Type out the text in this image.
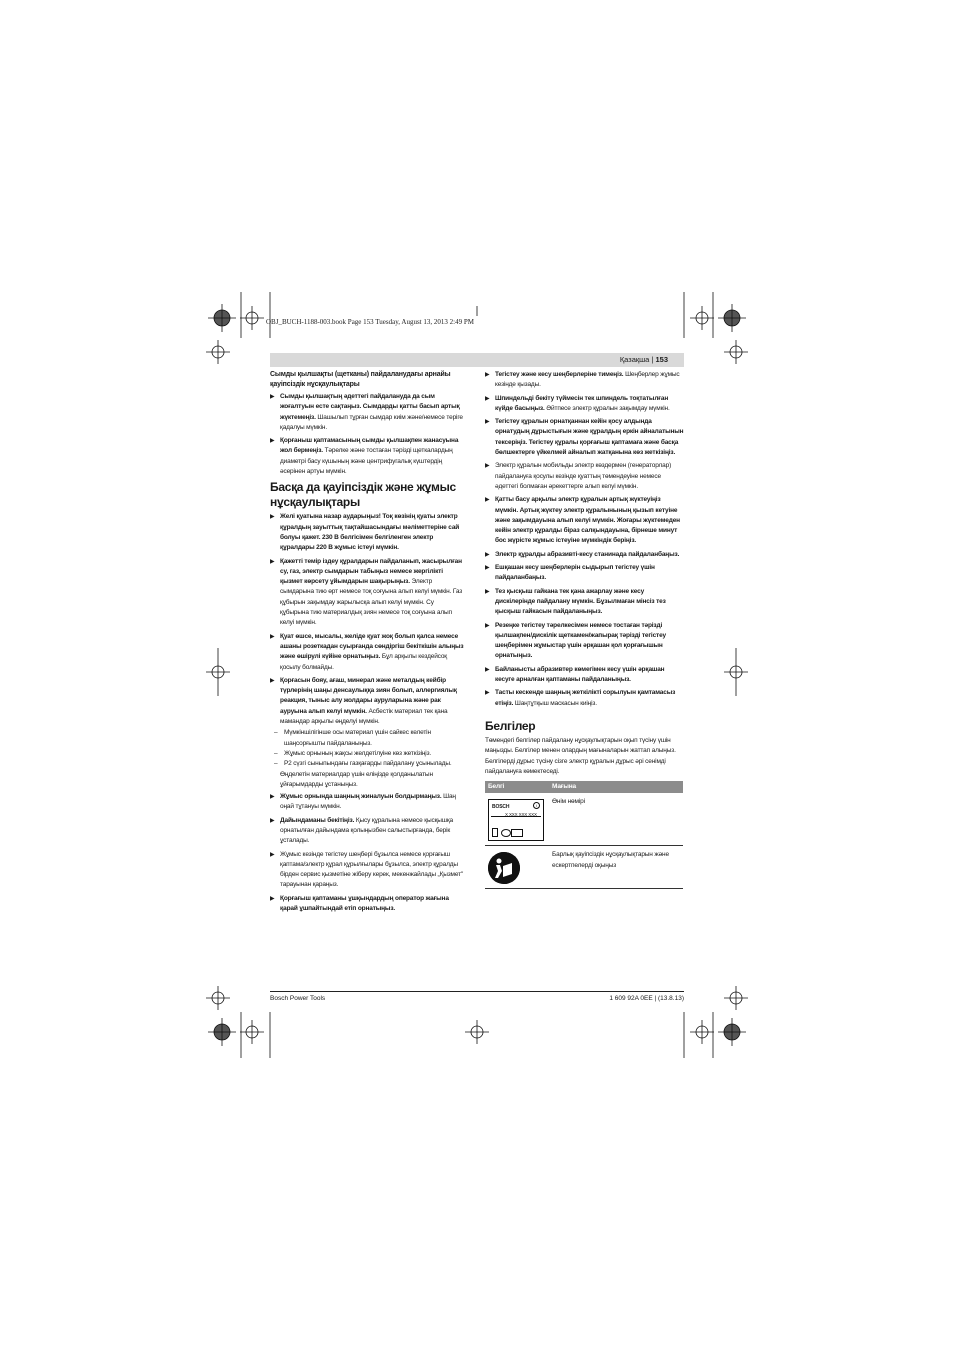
OBJ_BUCH-1188-003.book Page 153 Tuesday, August 13, 2013 2:49 PM
Қазақша | 153

Сымды қылшақты (щетканы) пайдаланудағы арнайы қауіпсіздік нұсқаулықтары

▶ Сымды қылшақтың әдеттегі пайдалануда да сым жоғалтуын есте сақтаңыз. Сымдарды қатты басып артық жүктемеңіз. Шашылып тұрған сымдар киім және/немесе теріге қадалуы мүмкін.
▶ Қорғаныш қаптамасының сымды қылшақпен жанасуына жол бермеңіз. Тәрелке және тостаған тәрізді щеткалардың диаметрі басу күшының және центрифугалық күштердің әсерінен артуы мүмкін.

Басқа да қауіпсіздік және жұмыс нұсқаулықтары

▶ Желі қуатына назар аударыңыз! Тоқ көзінің қуаты электр құралдың зауыттық тақтайшасындағы мәліметтеріне сай болуы қажет. 230 В белгісімен белгіленген электр құралдары 220 В жұмыс істеуі мүмкін.
▶ Қажетті темір іздеу құралдарын пайдаланып, жасырылған су, газ, электр сымдарын табыңыз немесе жергілікті қызмет көрсету ұйымдарын шақырыңыз. Электр сымдарына тию өрт немесе тоқ соғуына алып келуі мүмкін. Газ құбырын зақымдау жарылысқа алып келуі мүмкін. Су құбырына тию материалдық зиян немесе тоқ соғуына алып келуі мүмкін.
▶ Қуат өшсе, мысалы, желіде қуат жоқ болып қалса немесе ашаны розеткадан суырғанда сөндіргіш бекіткішін алыңыз және өшірулі күйіне орнатыңыз. Бұл арқылы кездейсоқ қосылу болмайды.
▶ Қорғасын бояу, ағаш, минерал және металдың кейбір түрлерінің шаңы денсаулыққа зиян болып, аллергиялық реакция, тыныс алу жолдары ауруларына және рак ауруына алып келуі мүмкін. Асбестік материал тек қана мамандар арқылы өңделуі мүмкін.
– Мүмкіншілігінше осы материал үшін сайкес келетін шаңсорғышты пайдаланыңыз.
– Жұмыс орнының жақсы желдетілуіне көз жеткізіңіз.
– P2 сүзгі сыныпындағы газқағарды пайдалану ұсынылады.

Өңделетін материалдар үшін еліңізде қолданылатын ұйғарымдарды ұстаныңыз.

▶ Жұмыс орнында шаңның жиналуын болдырмаңыз. Шаң оңай тұтануы мүмкін.
▶ Дайындаманы бекітіңіз. Қысу құралына немесе қысқышқа орнатылған дайындама қолыңызбен салыстырғанда, берік ұсталады.
▶ Жұмыс кезінде тегістеу шеңбері бұзылса немесе қорғағыш қаптама/электр құрал құрылғылары бұзылса, электр құралды бірден сервис қызметіне жіберу керек, мекенжайлады „Қызмет" тарауынан қараңыз.
▶ Қорғағыш қаптаманы ұшқындардың оператор жағына қарай ұшпайтындай етіп орнатыңыз.
▶ Тегістеу және кесу шеңберлеріне тимеңіз. Шеңберлер жұмыс кезінде қызады.
▶ Шпиндельді бекіту түймесін тек шпиндель тоқтатылған күйде басыңыз. Әйтпесе электр құралын зақымдау мүмкін.
▶ Тегістеу құралын орнатқаннан кейін қосу алдында орнатудың дұрыстығын және құралдың еркін айналатынын тексеріңіз. Тегістеу құралы қорғағыш қаптамаға және басқа бөлшектерге үйкелмей айналып жатқанына көз жеткізіңіз.
▶ Электр құралын мобильды электр көздермен (генераторлар) пайдалануға қосулы кезінде қуаттың төмендеуіне немесе әдеттегі болмаған әрекеттерге алып келуі мүмкін.
▶ Қатты басу арқылы электр құралын артық жүктеуіңіз мүмкін. Артық жүктеу электр құралынының қызып кетуіне және зақымдауына алып келуі мүмкін. Жоғары жүктемеден кейін электр құралды біраз салқындауына, бірнеше минут бос жүрісте жұмыс істеуіне мүмкіндік беріңіз.
▶ Электр құралды абразивті-кесу станинада пайдаланбаңыз.
▶ Ешқашан кесу шеңберлерін сыдырып тегістеу үшін пайдаланбаңыз.
▶ Тез қысқыш гайкана тек қана ажарлау және кесу дискілерінде пайдалану мүмкін. Бұзылмаған мінсіз тез қысқыш гайкасын пайдаланыңыз.
▶ Резеңке тегістеу тәрелкесімен немесе тостаған тәрізді қылшақпен/дискілік щеткамен/жапырақ тәрізді тегістеу шеңберімен жұмыстар үшін әрқашан қол қорғағышын орнатыңыз.
▶ Байланысты абразивтер көмегімен кесу үшін әрқашан кесуге арналған қаптаманы пайдаланыңыз.
▶ Тасты кескенде шаңның жеткілікті сорылуын қамтамасыз етіңіз. Шаңтұтқыш маскасын киіңіз.

Белгілер

Төмендегі белгілер пайдалану нұсқаулықтарын оқып түсіну үшін маңызды. Белгілер менен олардың мағыналарын жаттап алыңыз. Белгілерді дұрыс түсіну сізге электр құралын дұрыс әрі сенімді пайдалануға көмектеседі.

Белгі	Мағына

BOSCH i
X XXX XXX XXX	Өнім нөмірі

	Барлық қауіпсіздік нұсқаулықтарын және ескертпелерді оқыңыз
Bosch Power Tools	1 609 92A 0EE | (13.8.13)
